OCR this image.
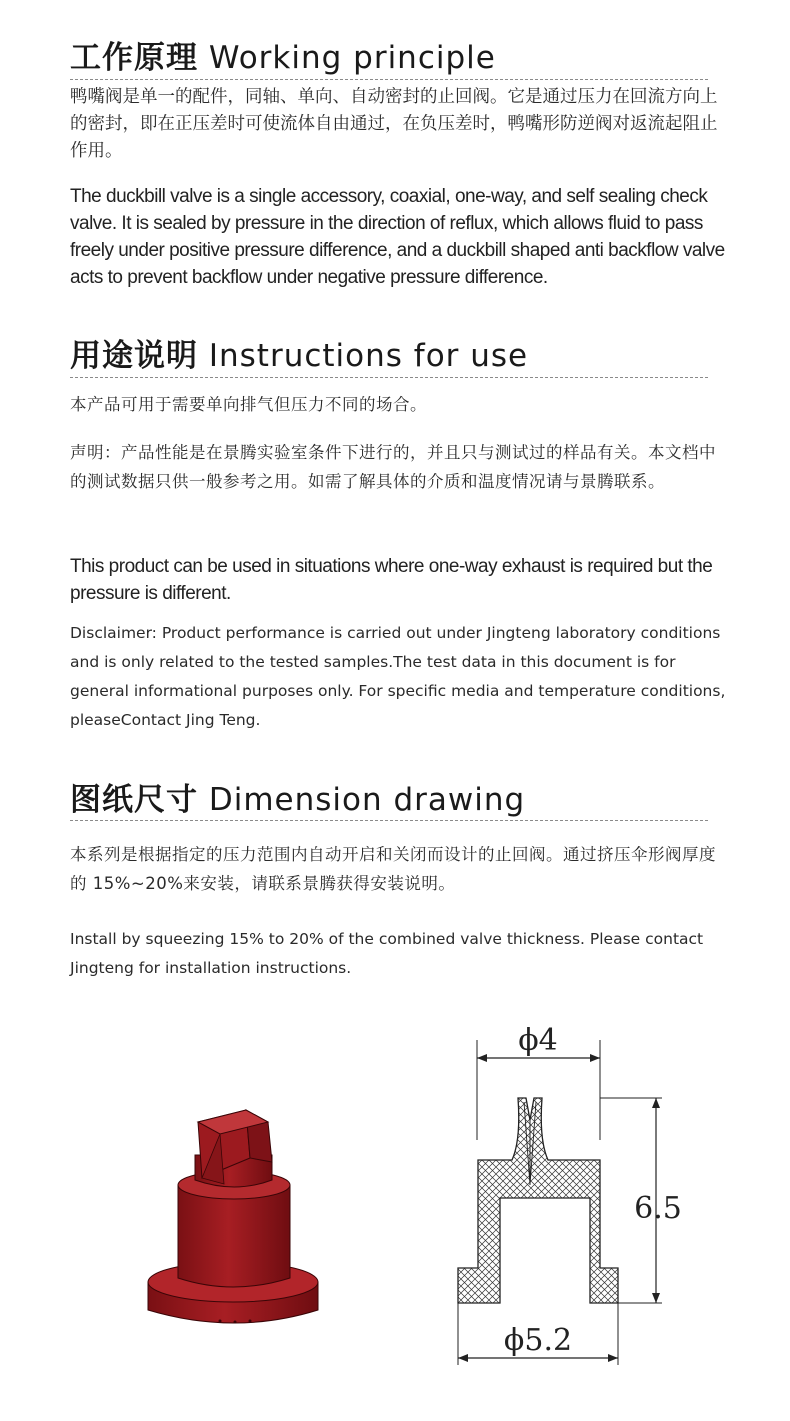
工作原理 Working principle

鸭嘴阀是单一的配件，同轴、单向、自动密封的止回阀。它是通过压力在回流方向上的密封，即在正压差时可使流体自由通过，在负压差时，鸭嘴形防逆阀对返流起阻止作用。

The duckbill valve is a single accessory, coaxial, one-way, and self sealing check valve. It is sealed by pressure in the direction of reflux, which allows fluid to pass freely under positive pressure difference, and a duckbill shaped anti backflow valve acts to prevent backflow under negative pressure difference.

用途说明 Instructions for use

本产品可用于需要单向排气但压力不同的场合。

声明：产品性能是在景腾实验室条件下进行的，并且只与测试过的样品有关。本文档中的测试数据只供一般参考之用。如需了解具体的介质和温度情况请与景腾联系。

This product can be used in situations where one-way exhaust is required but the pressure is different.

Disclaimer: Product performance is carried out under Jingteng laboratory conditions and is only related to the tested samples.The test data in this document is for general informational purposes only. For specific media and temperature conditions, pleaseContact Jing Teng.

图纸尺寸 Dimension drawing

本系列是根据指定的压力范围内自动开启和关闭而设计的止回阀。通过挤压伞形阀厚度的 15%~20%来安装，请联系景腾获得安装说明。

Install by squeezing 15% to 20% of the combined valve thickness. Please contact Jingteng for installation instructions.

ϕ4
6.5
ϕ5.2
